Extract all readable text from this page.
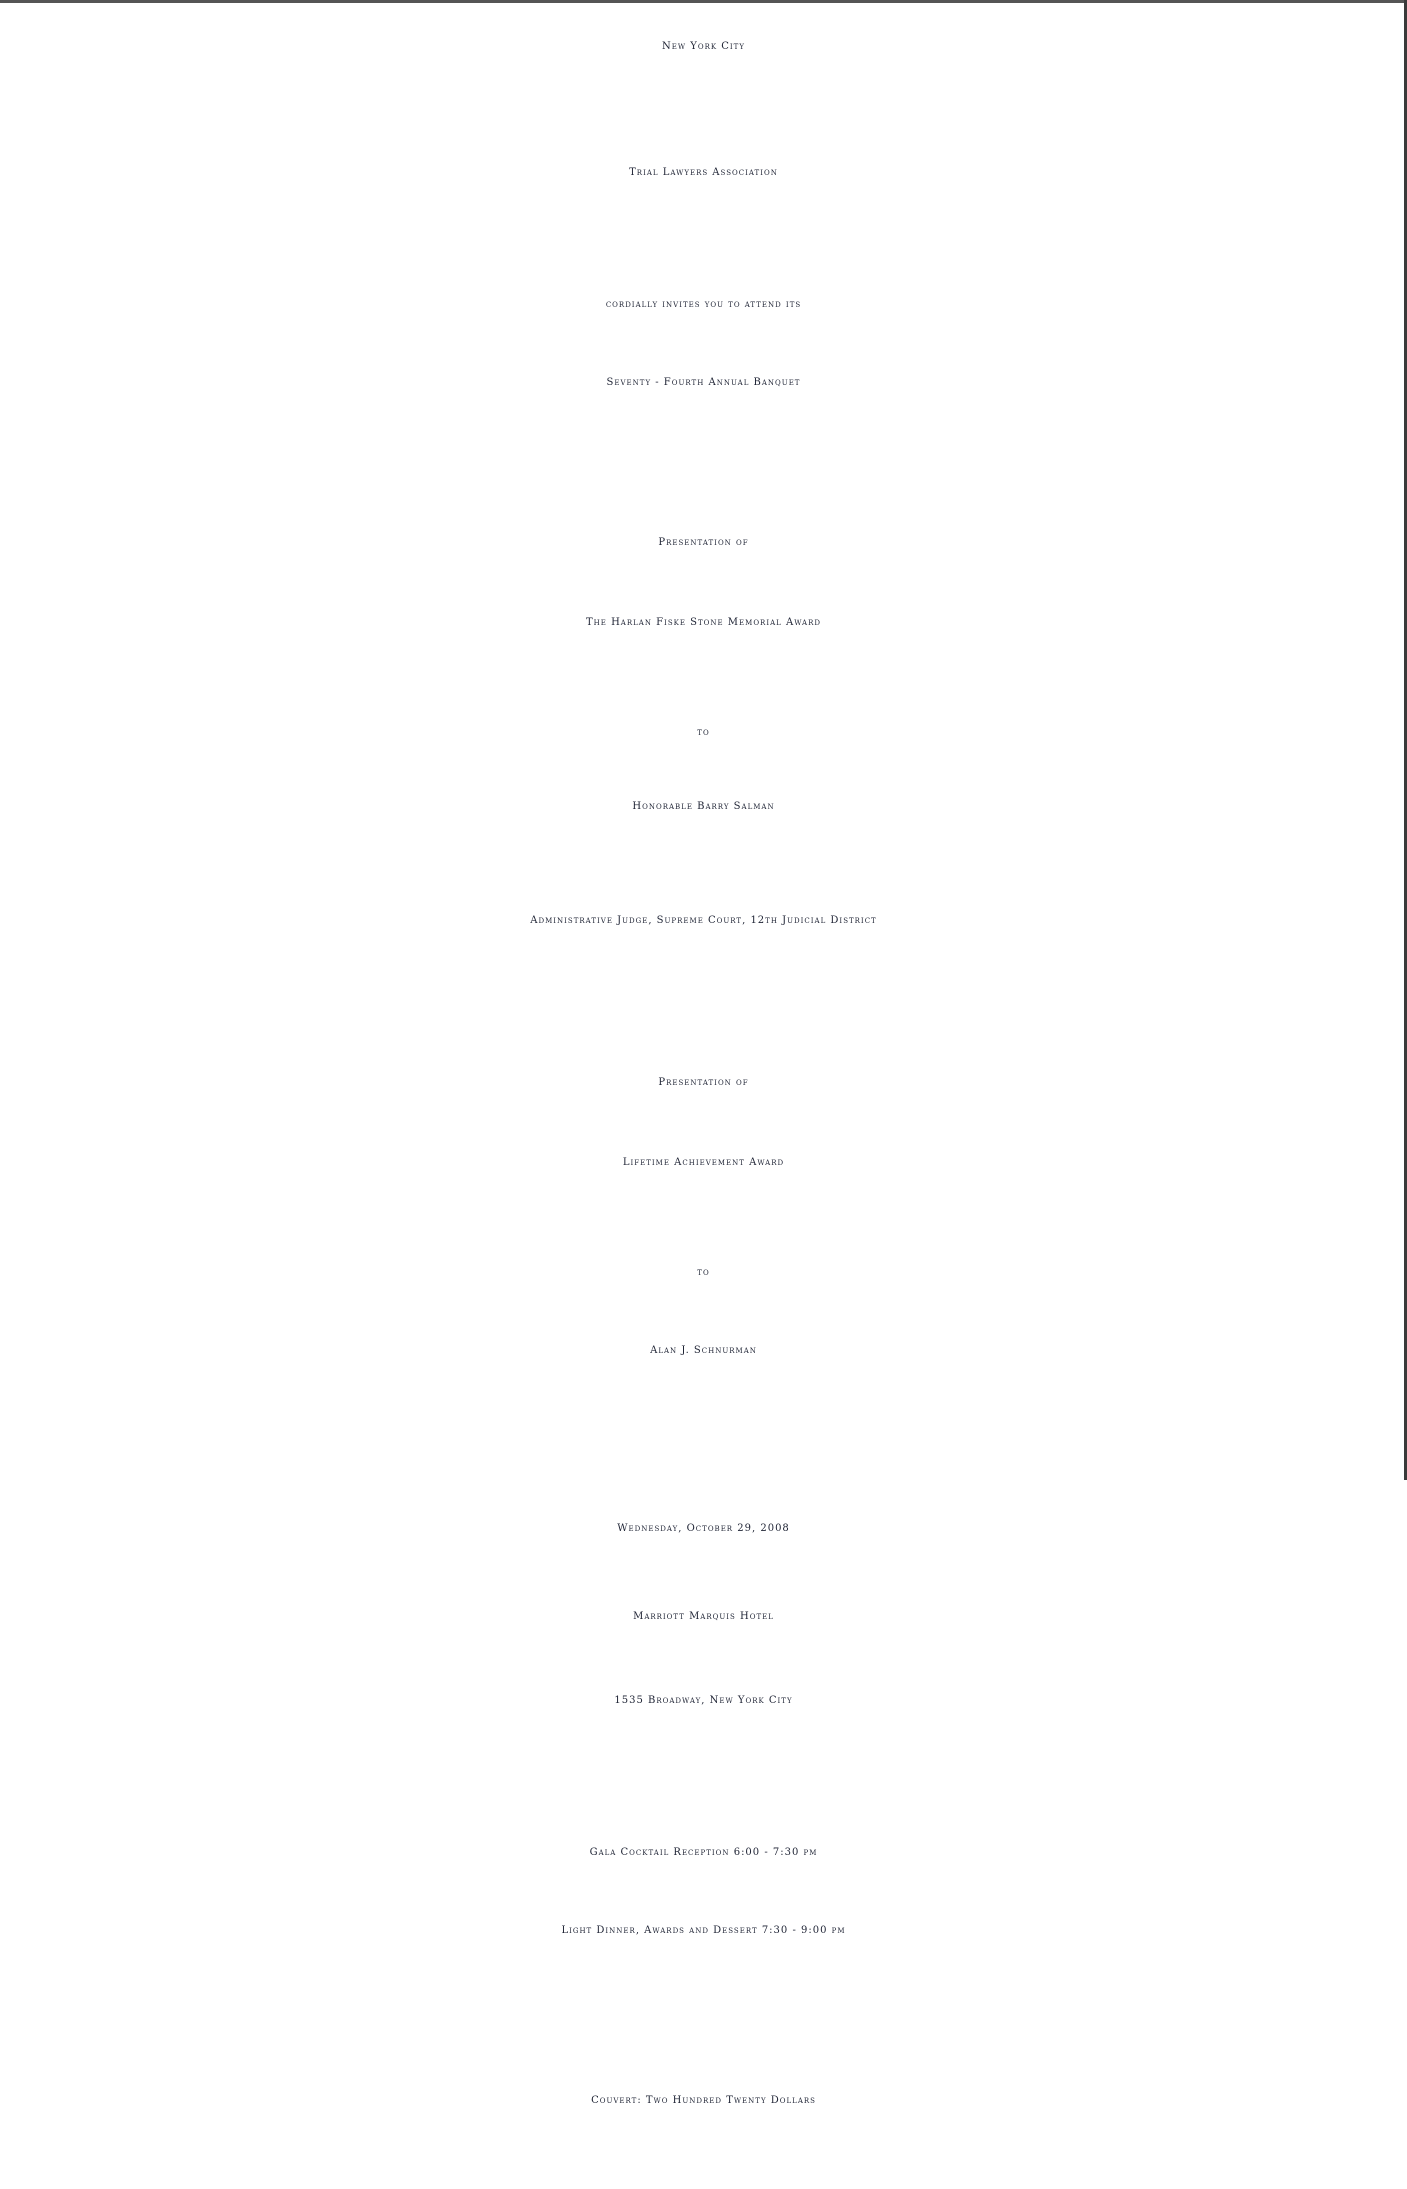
New York City
Trial Lawyers Association
cordially invites you to attend its
Seventy - Fourth Annual Banquet
Presentation of
The Harlan Fiske Stone Memorial Award
to
Honorable Barry Salman
Administrative Judge, Supreme Court, 12th Judicial District
Presentation of
Lifetime Achievement Award
to
Alan J. Schnurman
Wednesday, October 29, 2008
Marriott Marquis Hotel
1535 Broadway, New York City
Gala Cocktail Reception 6:00 - 7:30 pm
Light Dinner, Awards and Dessert 7:30 - 9:00 pm
Couvert: Two Hundred Twenty Dollars
